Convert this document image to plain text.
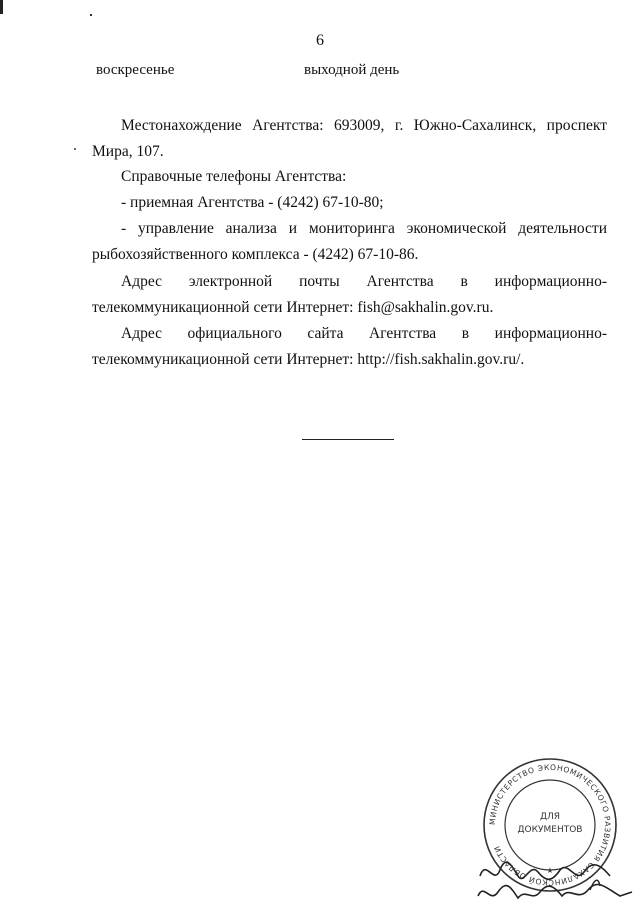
6
воскресенье	выходной день

Местонахождение Агентства: 693009, г. Южно-Сахалинск, проспект Мира, 107.

Справочные телефоны Агентства:

- приемная Агентства - (4242) 67-10-80;

- управление анализа и мониторинга экономической деятельности рыбохозяйственного комплекса - (4242) 67-10-86.

Адрес электронной почты Агентства в информационно-телекоммуникационной сети Интернет: fish@sakhalin.gov.ru.

Адрес официального сайта Агентства в информационно-телекоммуникационной сети Интернет: http://fish.sakhalin.gov.ru/.

МИНИСТЕРСТВО ЭКОНОМИЧЕСКОГО РАЗВИТИЯ САХАЛИНСКОЙ ОБЛАСТИ
ДЛЯ
ДОКУМЕНТОВ
★
